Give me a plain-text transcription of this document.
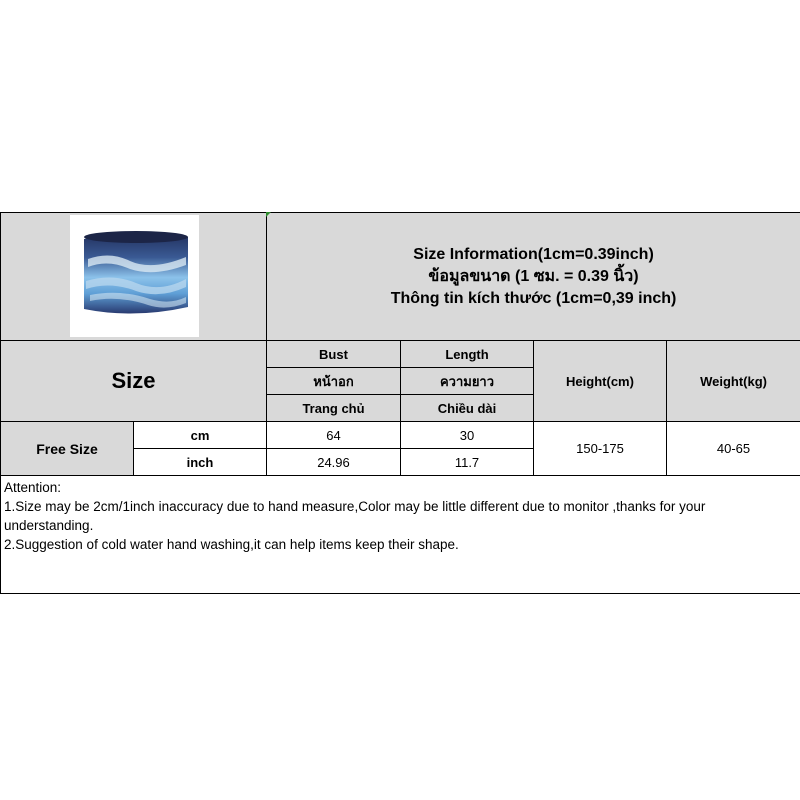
Size Information(1cm=0.39inch)
ข้อมูลขนาด (1 ซม. = 0.39 นิ้ว)
Thông tin kích thước (1cm=0,39 inch)			

Size		Bust	Length	Height(cm)	Weight(kg)
		หน้าอก	ความยาว		
		Trang chủ	Chiều dài		
Free Size	cm	64	30	150-175	40-65
	inch	24.96	11.7		

Attention:
1.Size may be 2cm/1inch inaccuracy due to hand measure,Color may be little different due to monitor ,thanks for your understanding.
2.Suggestion of cold water hand washing,it can help items keep their shape.					
